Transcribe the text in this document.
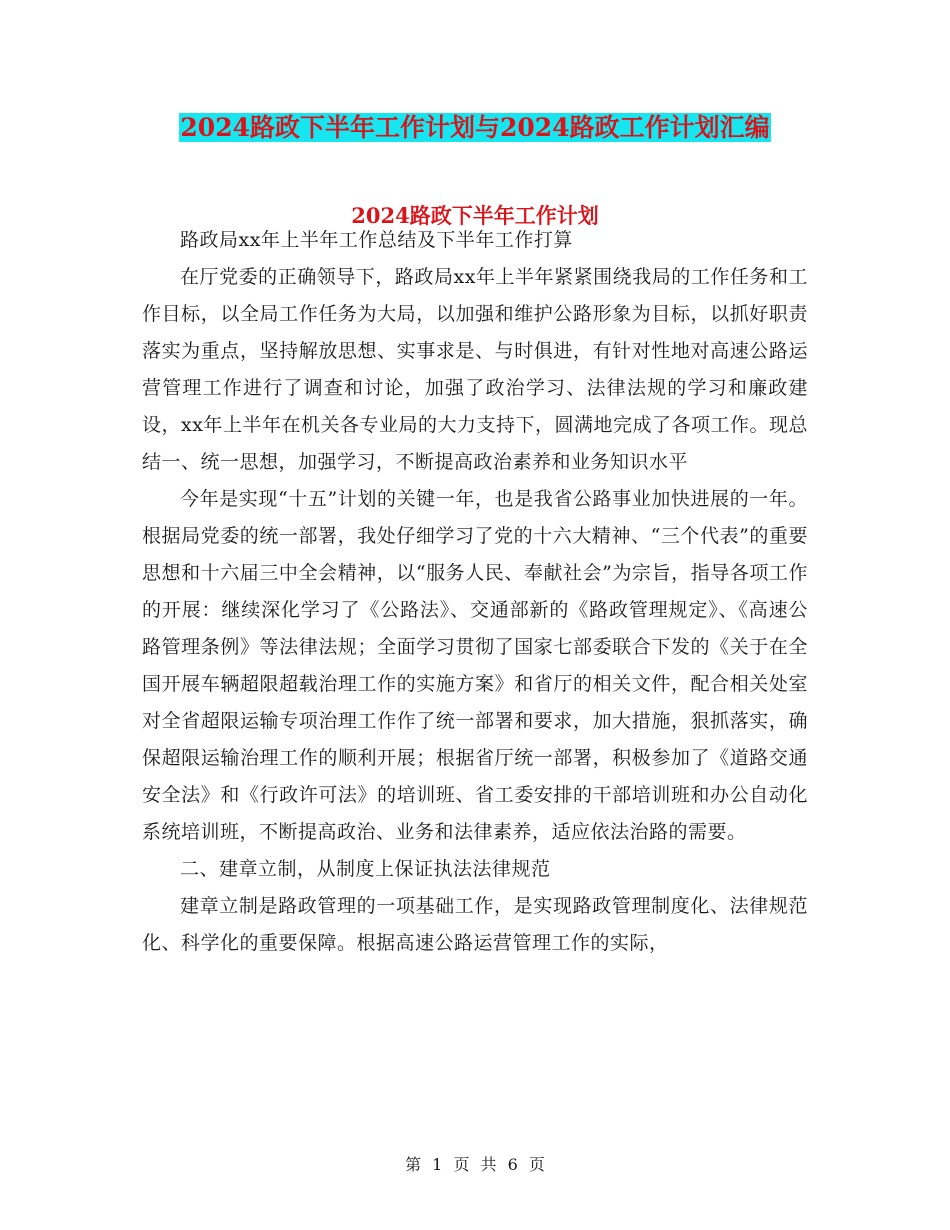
2024路政下半年工作计划与2024路政工作计划汇编
2024路政下半年工作计划

路政局xx年上半年工作总结及下半年工作打算

在厅党委的正确领导下，路政局xx年上半年紧紧围绕我局的工作任务和工作目标，以全局工作任务为大局，以加强和维护公路形象为目标，以抓好职责落实为重点，坚持解放思想、实事求是、与时俱进，有针对性地对高速公路运营管理工作进行了调查和讨论，加强了政治学习、法律法规的学习和廉政建设，xx年上半年在机关各专业局的大力支持下，圆满地完成了各项工作。现总结一、统一思想，加强学习，不断提高政治素养和业务知识水平

今年是实现“十五”计划的关键一年，也是我省公路事业加快进展的一年。根据局党委的统一部署，我处仔细学习了党的十六大精神、“三个代表”的重要思想和十六届三中全会精神，以“服务人民、奉献社会”为宗旨，指导各项工作的开展：继续深化学习了《公路法》、交通部新的《路政管理规定》、《高速公路管理条例》等法律法规；全面学习贯彻了国家七部委联合下发的《关于在全国开展车辆超限超载治理工作的实施方案》和省厅的相关文件，配合相关处室对全省超限运输专项治理工作作了统一部署和要求，加大措施，狠抓落实，确保超限运输治理工作的顺利开展；根据省厅统一部署，积极参加了《道路交通安全法》和《行政许可法》的培训班、省工委安排的干部培训班和办公自动化系统培训班，不断提高政治、业务和法律素养，适应依法治路的需要。

二、建章立制，从制度上保证执法法律规范

建章立制是路政管理的一项基础工作，是实现路政管理制度化、法律规范化、科学化的重要保障。根据高速公路运营管理工作的实际，

第 1 页 共 6 页
